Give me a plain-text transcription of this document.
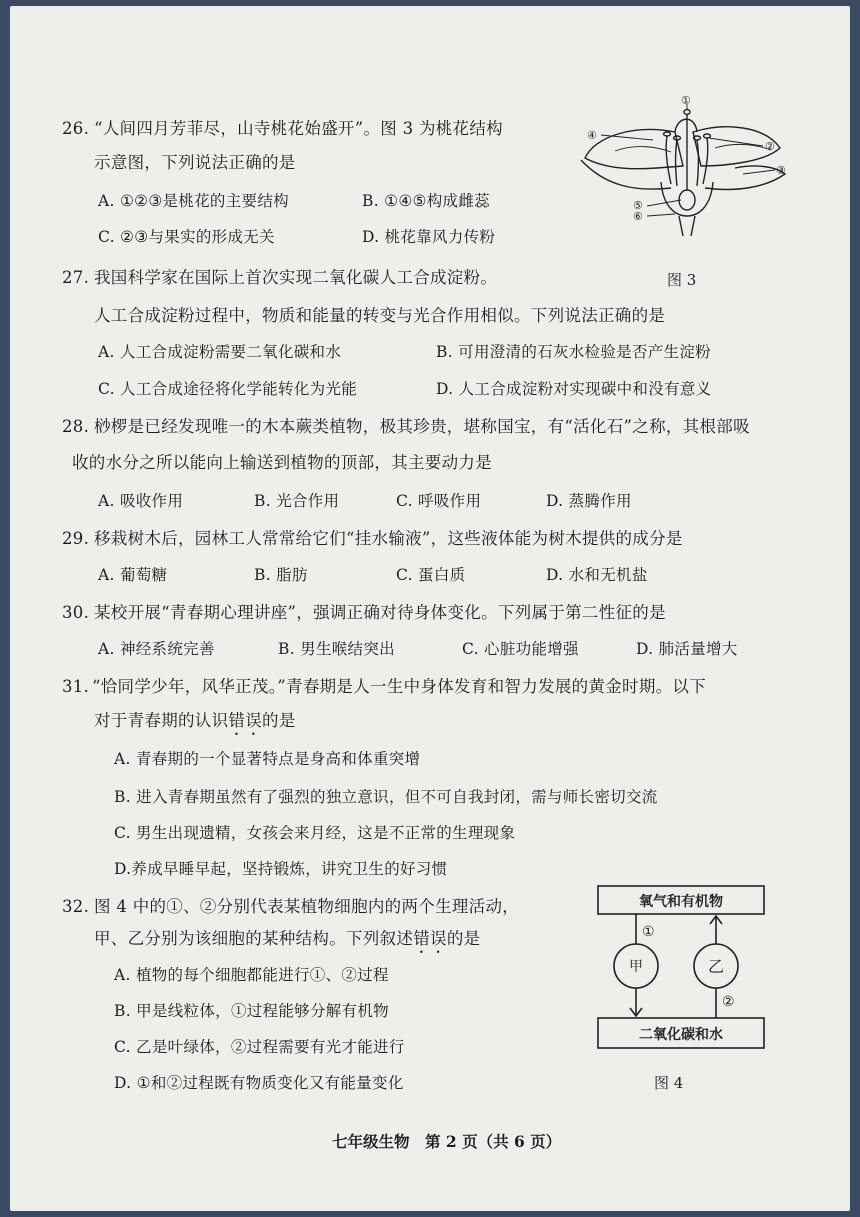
26. “人间四月芳菲尽，山寺桃花始盛开”。图 3 为桃花结构
示意图，下列说法正确的是
A. ①②③是桃花的主要结构	B. ①④⑤构成雌蕊
C. ②③与果实的形成无关	D. 桃花靠风力传粉
④
①
②
③
⑤
⑥
图 3
27. 我国科学家在国际上首次实现二氧化碳人工合成淀粉。
人工合成淀粉过程中，物质和能量的转变与光合作用相似。下列说法正确的是
A. 人工合成淀粉需要二氧化碳和水	B. 可用澄清的石灰水检验是否产生淀粉
C. 人工合成途径将化学能转化为光能	D. 人工合成淀粉对实现碳中和没有意义
28. 桫椤是已经发现唯一的木本蕨类植物，极其珍贵，堪称国宝，有“活化石”之称，其根部吸
收的水分之所以能向上输送到植物的顶部，其主要动力是
A. 吸收作用	B. 光合作用	C. 呼吸作用	D. 蒸腾作用
29. 移栽树木后，园林工人常常给它们“挂水输液”，这些液体能为树木提供的成分是
A. 葡萄糖	B. 脂肪	C. 蛋白质	D. 水和无机盐
30. 某校开展“青春期心理讲座”，强调正确对待身体变化。下列属于第二性征的是
A. 神经系统完善	B. 男生喉结突出	C. 心脏功能增强	D. 肺活量增大
31. “恰同学少年，风华正茂。”青春期是人一生中身体发育和智力发展的黄金时期。以下
对于青春期的认识错误的是
A. 青春期的一个显著特点是身高和体重突增
B. 进入青春期虽然有了强烈的独立意识，但不可自我封闭，需与师长密切交流
C. 男生出现遗精，女孩会来月经，这是不正常的生理现象
D.养成早睡早起，坚持锻炼，讲究卫生的好习惯
32. 图 4 中的①、②分别代表某植物细胞内的两个生理活动，
甲、乙分别为该细胞的某种结构。下列叙述错误的是
A. 植物的每个细胞都能进行①、②过程
B. 甲是线粒体，①过程能够分解有机物
C. 乙是叶绿体，②过程需要有光才能进行
D. ①和②过程既有物质变化又有能量变化
氧气和有机物
二氧化碳和水
甲	乙
①
②
图 4
七年级生物　第 2 页（共 6 页）
